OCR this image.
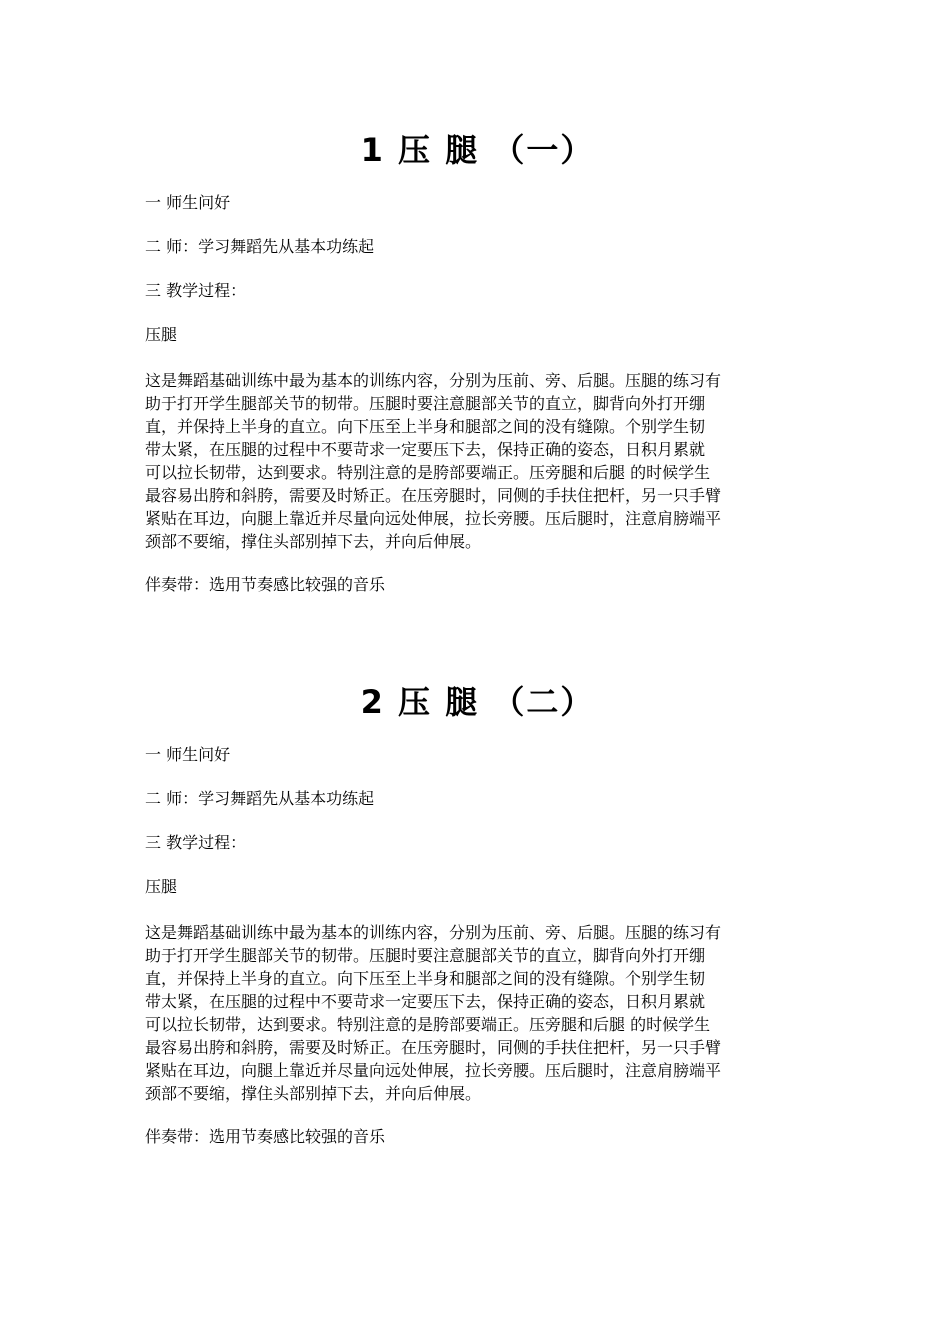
1 压 腿 （一）
一 师生问好
二 师：学习舞蹈先从基本功练起
三 教学过程：
压腿
这是舞蹈基础训练中最为基本的训练内容，分别为压前、旁、后腿。压腿的练习有
助于打开学生腿部关节的韧带。压腿时要注意腿部关节的直立，脚背向外打开绷
直，并保持上半身的直立。向下压至上半身和腿部之间的没有缝隙。个别学生韧
带太紧，在压腿的过程中不要苛求一定要压下去，保持正确的姿态，日积月累就
可以拉长韧带，达到要求。特别注意的是胯部要端正。压旁腿和后腿 的时候学生
最容易出胯和斜胯，需要及时矫正。在压旁腿时，同侧的手扶住把杆，另一只手臂
紧贴在耳边，向腿上靠近并尽量向远处伸展，拉长旁腰。压后腿时，注意肩膀端平
颈部不要缩，撑住头部别掉下去，并向后伸展。
伴奏带：选用节奏感比较强的音乐
2 压 腿 （二）
一 师生问好
二 师：学习舞蹈先从基本功练起
三 教学过程：
压腿
这是舞蹈基础训练中最为基本的训练内容，分别为压前、旁、后腿。压腿的练习有
助于打开学生腿部关节的韧带。压腿时要注意腿部关节的直立，脚背向外打开绷
直，并保持上半身的直立。向下压至上半身和腿部之间的没有缝隙。个别学生韧
带太紧，在压腿的过程中不要苛求一定要压下去，保持正确的姿态，日积月累就
可以拉长韧带，达到要求。特别注意的是胯部要端正。压旁腿和后腿 的时候学生
最容易出胯和斜胯，需要及时矫正。在压旁腿时，同侧的手扶住把杆，另一只手臂
紧贴在耳边，向腿上靠近并尽量向远处伸展，拉长旁腰。压后腿时，注意肩膀端平
颈部不要缩，撑住头部别掉下去，并向后伸展。
伴奏带：选用节奏感比较强的音乐
